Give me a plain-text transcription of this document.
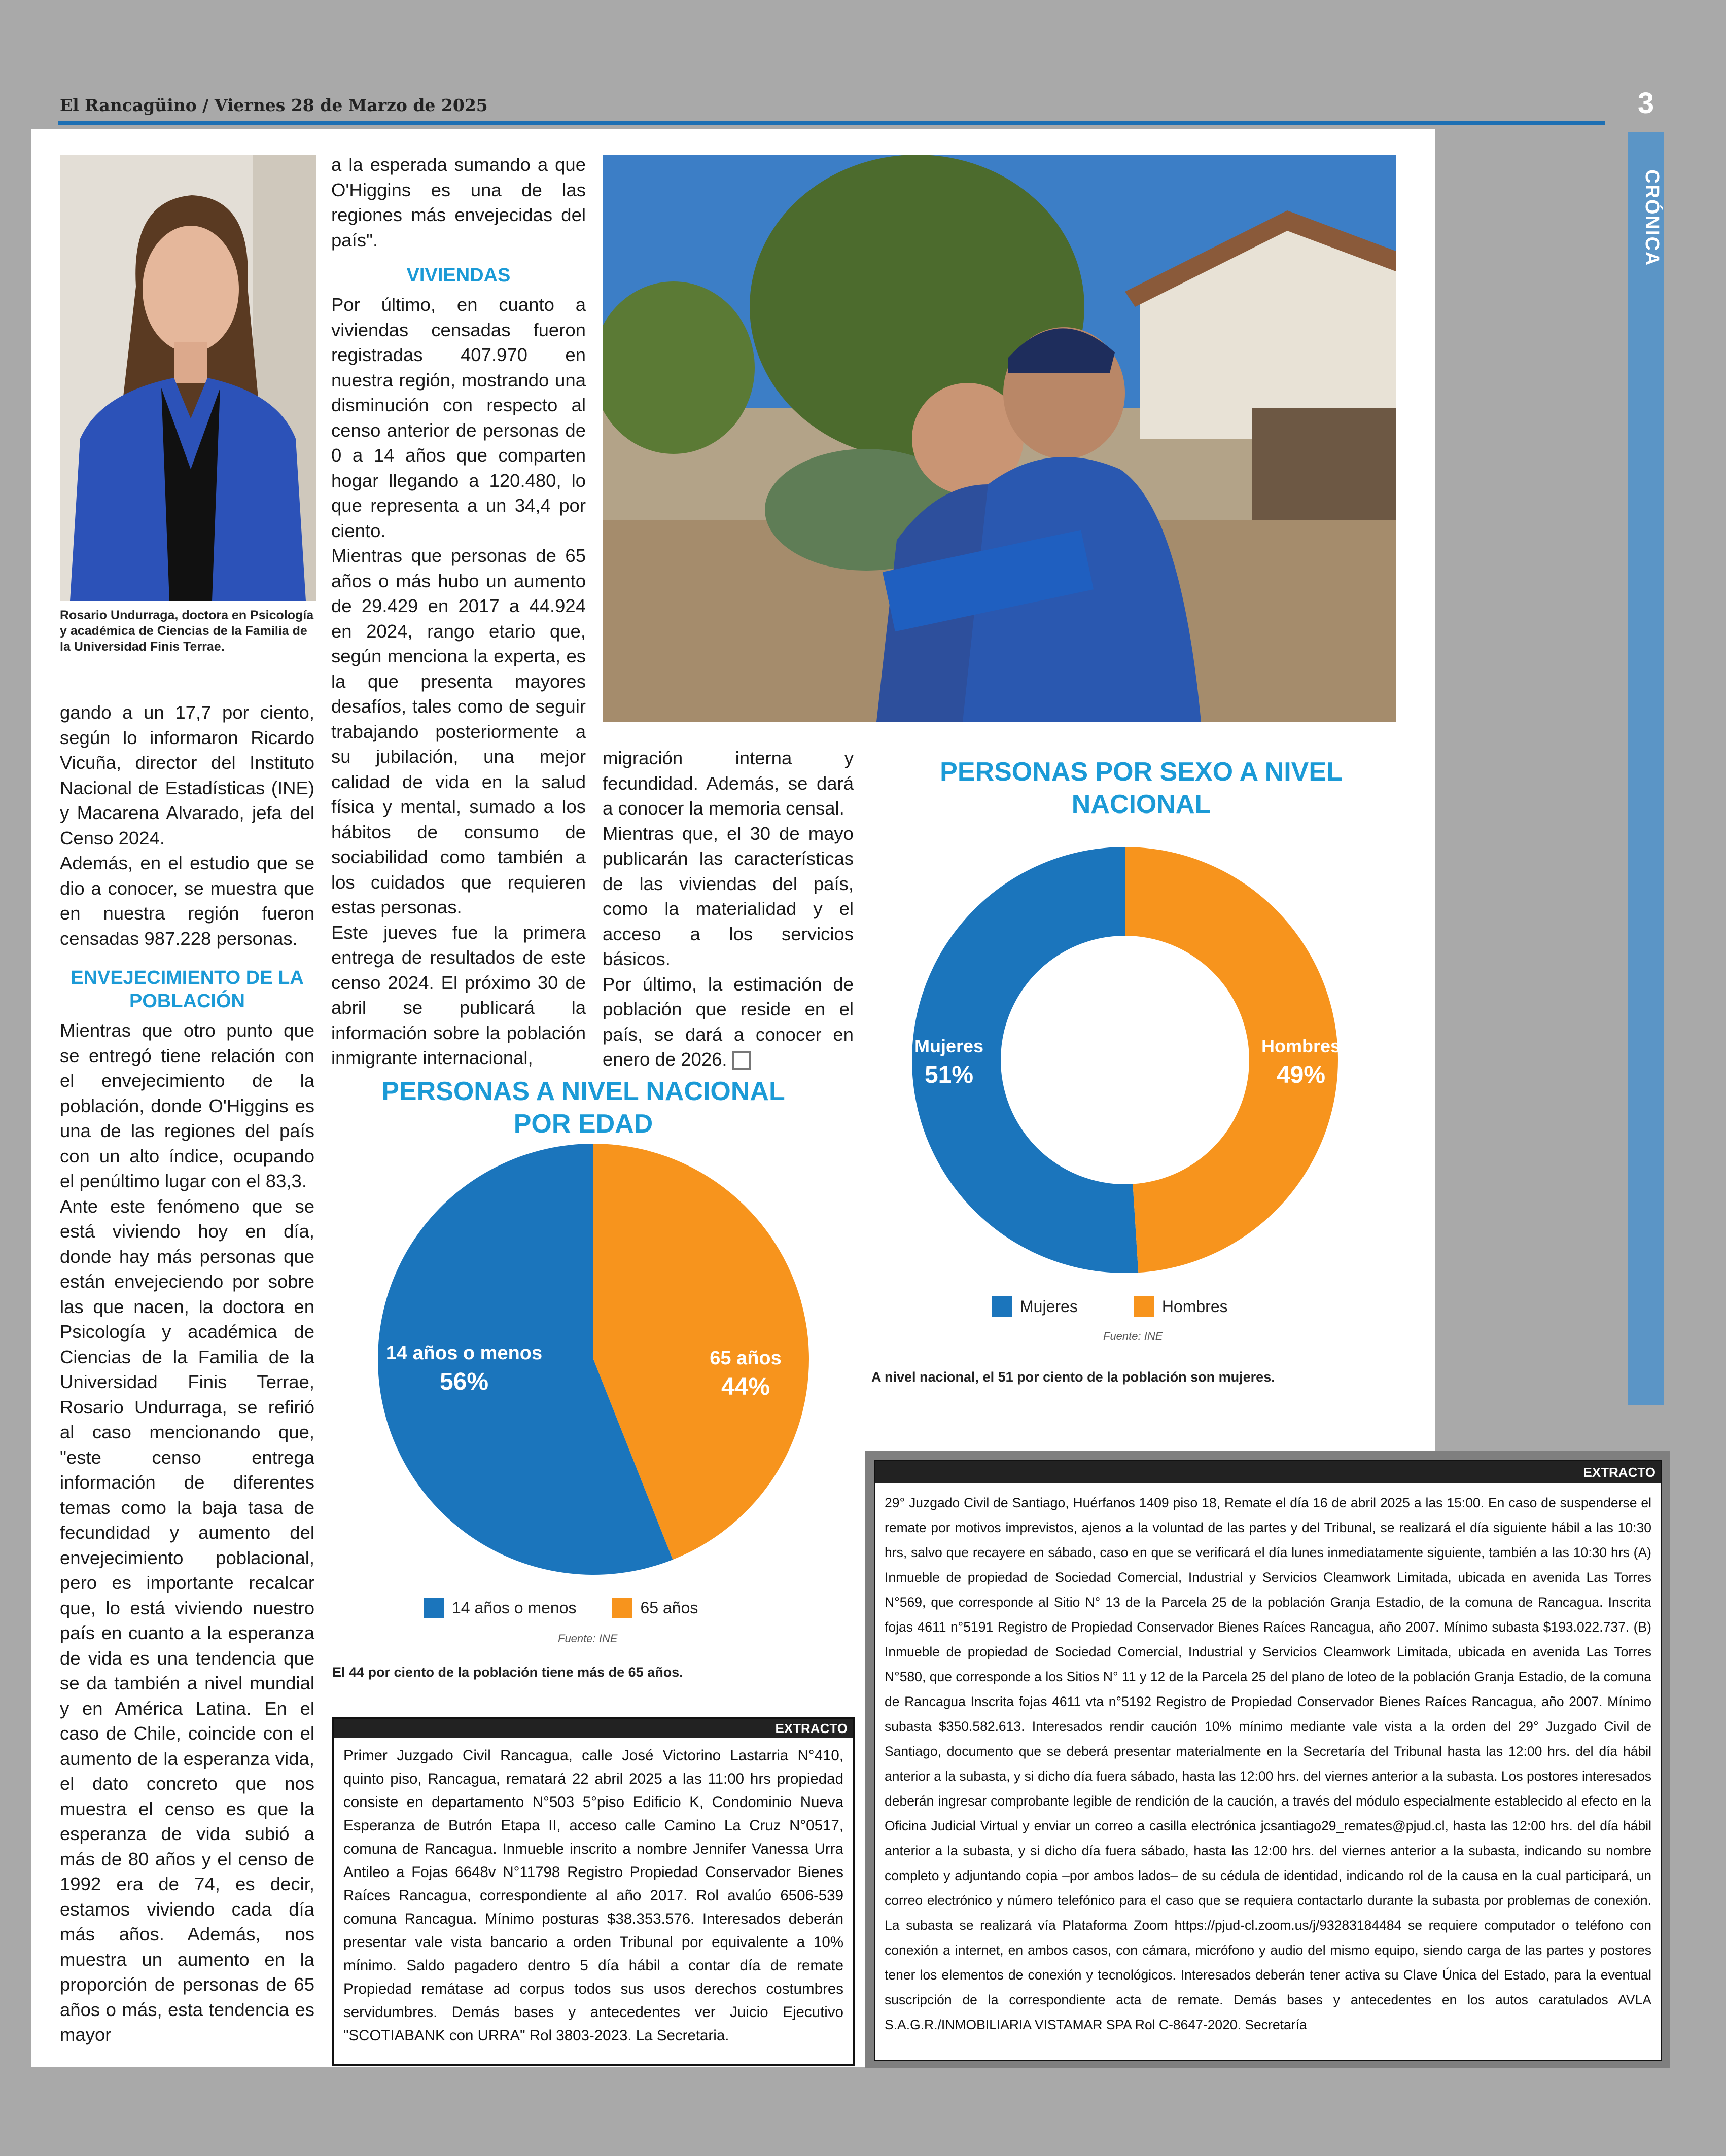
El Rancagüino / Viernes 28 de Marzo de 2025	3
CRÓNICA
Rosario Undurraga, doctora en Psicología y académica de Ciencias de la Familia de la Universidad Finis Terrae.

gando a un 17,7 por ciento, según lo informaron Ricardo Vicuña, director del Instituto Nacional de Estadísticas (INE) y Macarena Alvarado, jefa del Censo 2024.

Además, en el estudio que se dio a conocer, se muestra que en nuestra región fueron censadas 987.228 personas.

ENVEJECIMIENTO DE LA POBLACIÓN

Mientras que otro punto que se entregó tiene relación con el envejecimiento de la población, donde O'Higgins es una de las regiones del país con un alto índice, ocupando el penúltimo lugar con el 83,3.

Ante este fenómeno que se está viviendo hoy en día, donde hay más personas que están envejeciendo por sobre las que nacen, la doctora en Psicología y académica de Ciencias de la Familia de la Universidad Finis Terrae, Rosario Undurraga, se refirió al caso mencionando que, "este censo entrega información de diferentes temas como la baja tasa de fecundidad y aumento del envejecimiento poblacional, pero es importante recalcar que, lo está viviendo nuestro país en cuanto a la esperanza de vida es una tendencia que se da también a nivel mundial y en América Latina. En el caso de Chile, coincide con el aumento de la esperanza vida, el dato concreto que nos muestra el censo es que la esperanza de vida subió a más de 80 años y el censo de 1992 era de 74, es decir, estamos viviendo cada día más años. Además, nos muestra un aumento en la proporción de personas de 65 años o más, esta tendencia es mayor

a la esperada sumando a que O'Higgins es una de las regiones más envejecidas del país".

VIVIENDAS

Por último, en cuanto a viviendas censadas fueron registradas 407.970 en nuestra región, mostrando una disminución con respecto al censo anterior de personas de 0 a 14 años que comparten hogar llegando a 120.480, lo que representa a un 34,4 por ciento.

Mientras que personas de 65 años o más hubo un aumento de 29.429 en 2017 a 44.924 en 2024, rango etario que, según menciona la experta, es la que presenta mayores desafíos, tales como de seguir trabajando posteriormente a su jubilación, una mejor calidad de vida en la salud física y mental, sumado a los hábitos de consumo de sociabilidad como también a los cuidados que requieren estas personas.

Este jueves fue la primera entrega de resultados de este censo 2024. El próximo 30 de abril se publicará la información sobre la población inmigrante internacional,

migración interna y fecundidad. Además, se dará a conocer la memoria censal.

Mientras que, el 30 de mayo publicarán las características de las viviendas del país, como la materialidad y el acceso a los servicios básicos.

Por último, la estimación de población que reside en el país, se dará a conocer en enero de 2026.

PERSONAS A NIVEL NACIONAL POR EDAD
14 años o menos
56%
65 años
44%
14 años o menos	65 años
Fuente: INE
El 44 por ciento de la población tiene más de 65 años.
PERSONAS POR SEXO A NIVEL NACIONAL
Mujeres
51%
Hombres
49%
Mujeres	Hombres
Fuente: INE
A nivel nacional, el 51 por ciento de la población son mujeres.
EXTRACTO
Primer Juzgado Civil Rancagua, calle José Victorino Lastarria N°410, quinto piso, Rancagua, rematará 22 abril 2025 a las 11:00 hrs propiedad consiste en departamento N°503 5°piso Edificio K, Condominio Nueva Esperanza de Butrón Etapa II, acceso calle Camino La Cruz N°0517, comuna de Rancagua. Inmueble inscrito a nombre Jennifer Vanessa Urra Antileo a Fojas 6648v N°11798 Registro Propiedad Conservador Bienes Raíces Rancagua, correspondiente al año 2017. Rol avalúo 6506-539 comuna Rancagua. Mínimo posturas $38.353.576. Interesados deberán presentar vale vista bancario a orden Tribunal por equivalente a 10% mínimo. Saldo pagadero dentro 5 día hábil a contar día de remate Propiedad remátase ad corpus todos sus usos derechos costumbres servidumbres. Demás bases y antecedentes ver Juicio Ejecutivo "SCOTIABANK con URRA" Rol 3803-2023. La Secretaria.
EXTRACTO
29° Juzgado Civil de Santiago, Huérfanos 1409 piso 18, Remate el día 16 de abril 2025 a las 15:00. En caso de suspenderse el remate por motivos imprevistos, ajenos a la voluntad de las partes y del Tribunal, se realizará el día siguiente hábil a las 10:30 hrs, salvo que recayere en sábado, caso en que se verificará el día lunes inmediatamente siguiente, también a las 10:30 hrs (A) Inmueble de propiedad de Sociedad Comercial, Industrial y Servicios Cleamwork Limitada, ubicada en avenida Las Torres N°569, que corresponde al Sitio N° 13 de la Parcela 25 de la población Granja Estadio, de la comuna de Rancagua. Inscrita fojas 4611 n°5191 Registro de Propiedad Conservador Bienes Raíces Rancagua, año 2007. Mínimo subasta $193.022.737. (B) Inmueble de propiedad de Sociedad Comercial, Industrial y Servicios Cleamwork Limitada, ubicada en avenida Las Torres N°580, que corresponde a los Sitios N° 11 y 12 de la Parcela 25 del plano de loteo de la población Granja Estadio, de la comuna de Rancagua Inscrita fojas 4611 vta n°5192 Registro de Propiedad Conservador Bienes Raíces Rancagua, año 2007. Mínimo subasta $350.582.613. Interesados rendir caución 10% mínimo mediante vale vista a la orden del 29° Juzgado Civil de Santiago, documento que se deberá presentar materialmente en la Secretaría del Tribunal hasta las 12:00 hrs. del día hábil anterior a la subasta, y si dicho día fuera sábado, hasta las 12:00 hrs. del viernes anterior a la subasta. Los postores interesados deberán ingresar comprobante legible de rendición de la caución, a través del módulo especialmente establecido al efecto en la Oficina Judicial Virtual y enviar un correo a casilla electrónica jcsantiago29_remates@pjud.cl, hasta las 12:00 hrs. del día hábil anterior a la subasta, y si dicho día fuera sábado, hasta las 12:00 hrs. del viernes anterior a la subasta, indicando su nombre completo y adjuntando copia –por ambos lados– de su cédula de identidad, indicando rol de la causa en la cual participará, un correo electrónico y número telefónico para el caso que se requiera contactarlo durante la subasta por problemas de conexión. La subasta se realizará vía Plataforma Zoom https://pjud-cl.zoom.us/j/93283184484 se requiere computador o teléfono con conexión a internet, en ambos casos, con cámara, micrófono y audio del mismo equipo, siendo carga de las partes y postores tener los elementos de conexión y tecnológicos. Interesados deberán tener activa su Clave Única del Estado, para la eventual suscripción de la correspondiente acta de remate. Demás bases y antecedentes en los autos caratulados AVLA S.A.G.R./INMOBILIARIA VISTAMAR SPA Rol C-8647-2020. Secretaría
